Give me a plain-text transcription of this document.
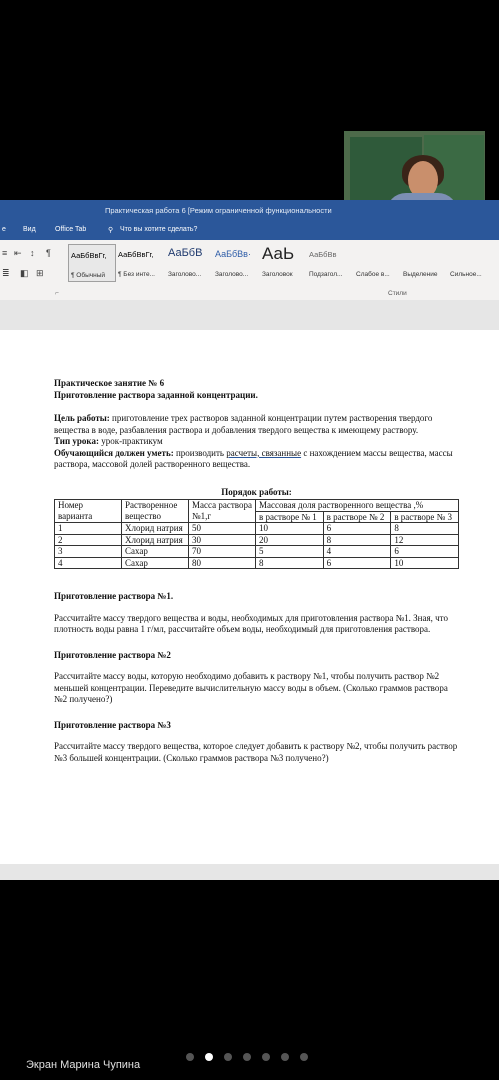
Практическая работа 6 [Режим ограниченной функциональности
е Вид	Office Tab	⚲ Что вы хотите сделать?
≡ ⇤ ↕ ¶
≣ ◧ ⊞
АаБбВвГг,
¶ Обычный
АаБбВвГг,
¶ Без инте...
АаБбВ
Заголово...
АаБбВв·
Заголово...
АаЬ
Заголовок
АаБбВв
Подзагол... Слабое в... Выделение Сильное...
⌐	Стили

Практическое занятие № 6

Приготовление раствора заданной концентрации.

Цель работы: приготовление трех растворов заданной концентрации путем растворения твердого вещества в воде, разбавления раствора и добавления твердого вещества к имеющему раствору.

Тип урока: урок-практикум

Обучающийся должен уметь: производить расчеты, связанные с нахождением массы вещества, массы раствора, массовой долей растворенного вещества.

Порядок работы:

Номер варианта	Растворенное вещество	Масса раствора №1,г	Массовая доля растворенного вещества ,%		
			в растворе № 1	в растворе № 2	в растворе № 3
1	Хлорид натрия	50	10	6	8
2	Хлорид натрия	30	20	8	12
3	Сахар	70	5	4	6
4	Сахар	80	8	6	10

Приготовление раствора №1.

Рассчитайте массу твердого вещества и воды, необходимых для приготовления раствора №1. Зная, что плотность воды равна 1 г/мл, рассчитайте объем воды, необходимый для приготовления раствора.

Приготовление раствора №2

Рассчитайте массу воды, которую необходимо добавить к раствору №1, чтобы получить раствор №2 меньшей концентрации. Переведите вычислительную массу воды в объем. (Сколько граммов раствора №2 получено?)

Приготовление раствора №3

Рассчитайте массу твердого вещества, которое следует добавить к раствору №2, чтобы получить раствор №3 большей концентрации. (Сколько граммов раствора №3 получено?)

Экран Марина Чупина
